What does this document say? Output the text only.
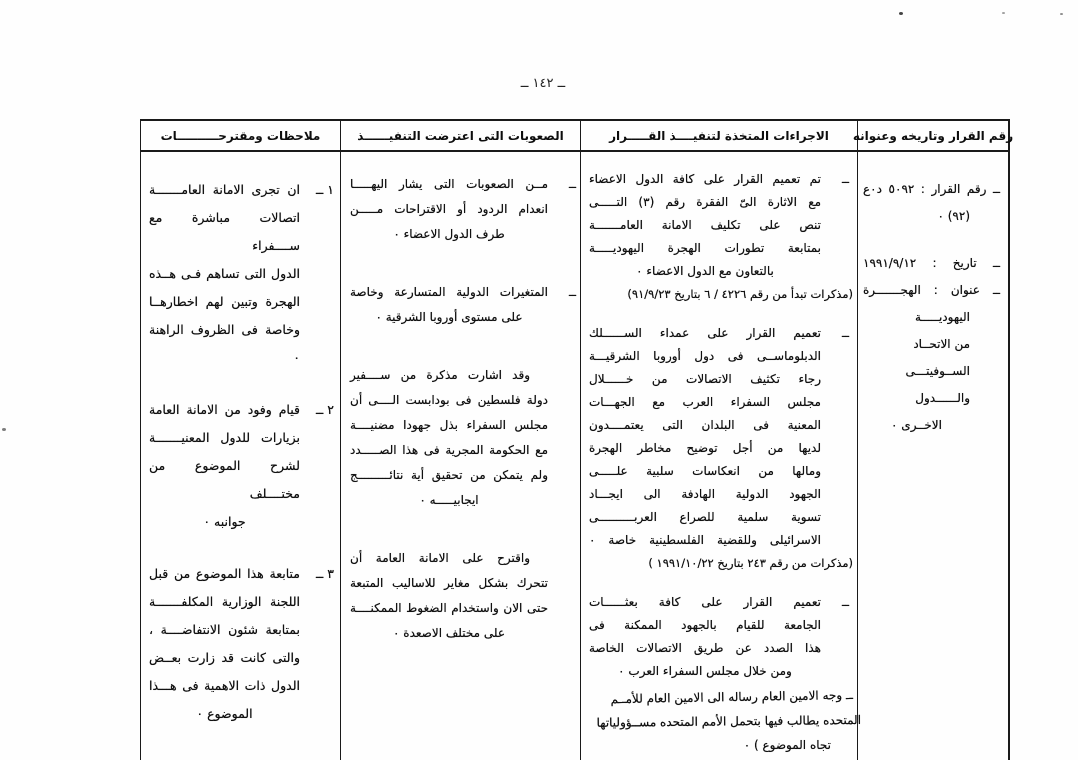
ــ ١٤٢ ــ
رقم القرار وتاريخه وعنوانه
الاجراءات المتخذة لتنفيــــذ القـــــرار
الصعوبات التى اعترضت التنفيــــــذ
ملاحظات ومقترحــــــــــات
ــ رقم القرار : ٥٠٩٢ د٠ع
(٩٢) ٠
ــ تاريخ : ١٩٩١/٩/١٢
ــ عنوان : الهجـــــــرة
اليهوديـــــة
من الاتحــاد
الســوفيتـــى
والــــــدول
الاخــرى ٠
ــ
تم تعميم القرار على كافة الدول الاعضاء
مع الاثارة الىّ الفقرة رقم (٣) التـــــى
تنص على تكليف الامانة العامـــــــة
بمتابعة تطورات الهجرة اليهوديـــــة
بالتعاون مع الدول الاعضاء ٠
(مذكرات تبدأ من رقم ٤٢٢٦ / ٦ بتاريخ ٩١/٩/٢٣)
ــ
تعميم القرار على عمداء الســــــلك
الدبلوماســى فى دول أوروبا الشرقيـــة
رجاء تكثيف الاتصالات من خــــــلال
مجلس السفراء العرب مع الجهـــات
المعنية فى البلدان التى يعتمــــدون
لديها من أجل توضيح مخاطر الهجرة
ومالها من انعكاسات سلبية علـــــى
الجهود الدولية الهادفة الى ايجـــاد
تسوية سلمية للصراع العربــــــــــى
الاسرائيلى وللقضية الفلسطينية خاصة ٠
(مذكرات من رقم ٢٤٣ بتاريخ ١٩٩١/١٠/٢٢ )
ــ
تعميم القرار على كافة بعثــــــات
الجامعة للقيام بالجهود الممكنة فى
هذا الصدد عن طريق الاتصالات الخاصة
ومن خلال مجلس السفراء العرب ٠
ــ وجه الامين العام رساله الى الامين العام للأمــم
المتحده يطالب فيها بتحمل الأمم المتحده مســؤولياتها
تجاه الموضوع ) ٠
ــ
مــن الصعوبات التى يشار اليهـــــا
انعدام الردود أو الاقتراحات مـــــن
طرف الدول الاعضاء ٠
ــ
المتغيرات الدولية المتسارعة وخاصة
على مستوى أوروبا الشرقية ٠
وقد اشارت مذكرة من ســــفير
دولة فلسطين فى بودابست الــــى أن
مجلس السفراء بذل جهودا مضنيــــة
مع الحكومة المجرية فى هذا الصـــــدد
ولم يتمكن من تحقيق أية نتائـــــــــج
ايجابيـــــه ٠
واقترح على الامانة العامة أن
تتحرك بشكل مغاير للاساليب المتبعة
حتى الان واستخدام الضغوط الممكنــــة
على مختلف الاصعدة ٠
١ ــ
ان تجرى الامانة العامـــــــة
اتصالات مباشرة مع ســــفراء
الدول التى تساهم فـى هــذه
الهجرة وتبين لهم اخطارهــا
وخاصة فى الظروف الراهنة ٠
٢ ــ
قيام وفود من الامانة العامة
بزيارات للدول المعنيـــــــة
لشرح الموضوع من مختــــلف
جوانبه ٠
٣ ــ
متابعة هذا الموضوع من قبل
اللجنة الوزارية المكلفـــــــة
بمتابعة شئون الانتفاضــــة ،
والتى كانت قد زارت بعــض
الدول ذات الاهمية فى هـــذا
الموضوع ٠
